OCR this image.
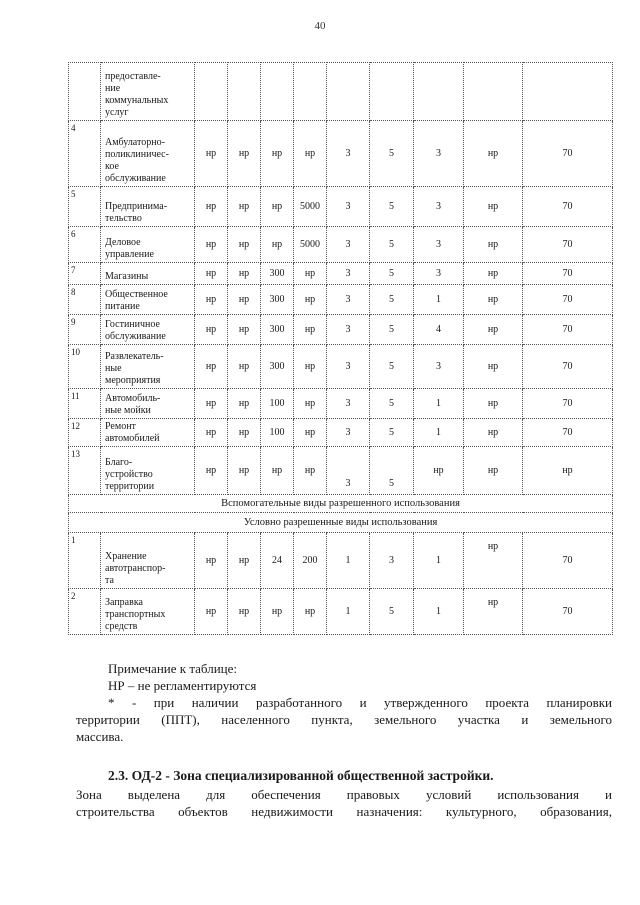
40
	предоставле-
ние
коммунальных
услуг									
4	Амбулаторно-
поликлиничес-
кое
обслуживание	нр	нр	нр	нр	3	5	3	нр	70
5	Предпринима-
тельство	нр	нр	нр	5000	3	5	3	нр	70
6	Деловое
управление	нр	нр	нр	5000	3	5	3	нр	70
7	Магазины	нр	нр	300	нр	3	5	3	нр	70
8	Общественное
питание	нр	нр	300	нр	3	5	1	нр	70
9	Гостиничное
обслуживание	нр	нр	300	нр	3	5	4	нр	70
10	Развлекатель-
ные
мероприятия	нр	нр	300	нр	3	5	3	нр	70
11	Автомобиль-
ные мойки	нр	нр	100	нр	3	5	1	нр	70
12	Ремонт
автомобилей	нр	нр	100	нр	3	5	1	нр	70
13	Благо-
устройство
территории	нр	нр	нр	нр	3	5	нр	нр	нр
Вспомогательные виды разрешенного использования										
Условно разрешенные виды использования										
1	Хранение
автотранспор-
та	нр	нр	24	200	1	3	1	нр	70
2	Заправка
транспортных
средств	нр	нр	нр	нр	1	5	1	нр	70

Примечание к таблице:

НР – не регламентируются

* - при наличии разработанного и утвержденного проекта планировки

территории (ППТ), населенного пункта, земельного участка и земельного

массива.

2.3. ОД-2 - Зона специализированной общественной застройки.

Зона выделена для обеспечения правовых условий использования и

строительства объектов недвижимости назначения: культурного, образования,
